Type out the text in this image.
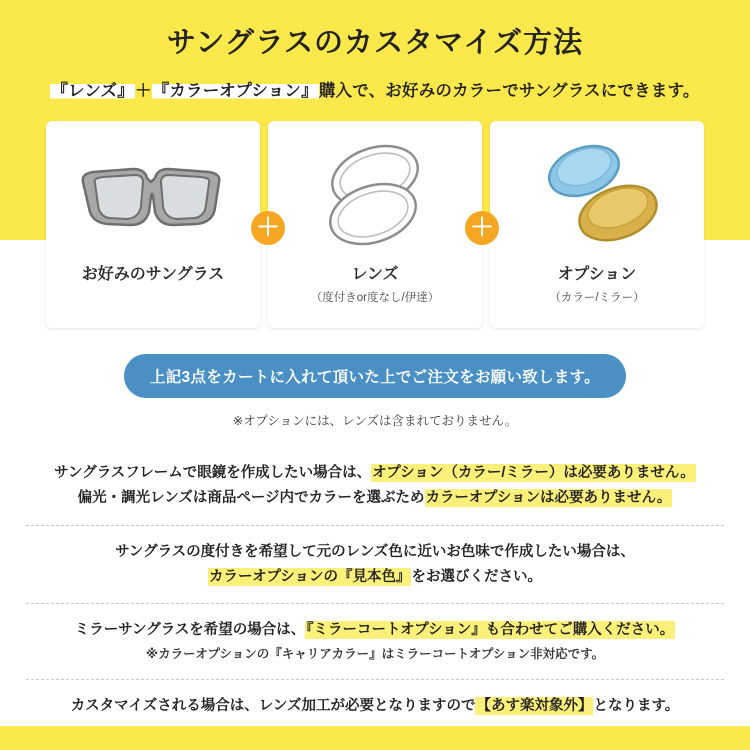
サングラスのカスタマイズ方法
『レンズ』＋『カラーオプション』購入で、お好みのカラーでサングラスにできます。
お好みのサングラス	レンズ
（度付きor度なし/伊達）
オプション
（カラー/ミラー）
＋	＋
上記3点をカートに入れて頂いた上でご注文をお願い致します。
※オプションには、レンズは含まれておりません。
サングラスフレームで眼鏡を作成したい場合は、オプション（カラー/ミラー）は必要ありません。
偏光・調光レンズは商品ページ内でカラーを選ぶためカラーオプションは必要ありません。
サングラスの度付きを希望して元のレンズ色に近いお色味で作成したい場合は、
カラーオプションの『見本色』をお選びください。
ミラーサングラスを希望の場合は、『ミラーコートオプション』も合わせてご購入ください。
※カラーオプションの『キャリアカラー』はミラーコートオプション非対応です。
カスタマイズされる場合は、レンズ加工が必要となりますので【あす楽対象外】となります。
